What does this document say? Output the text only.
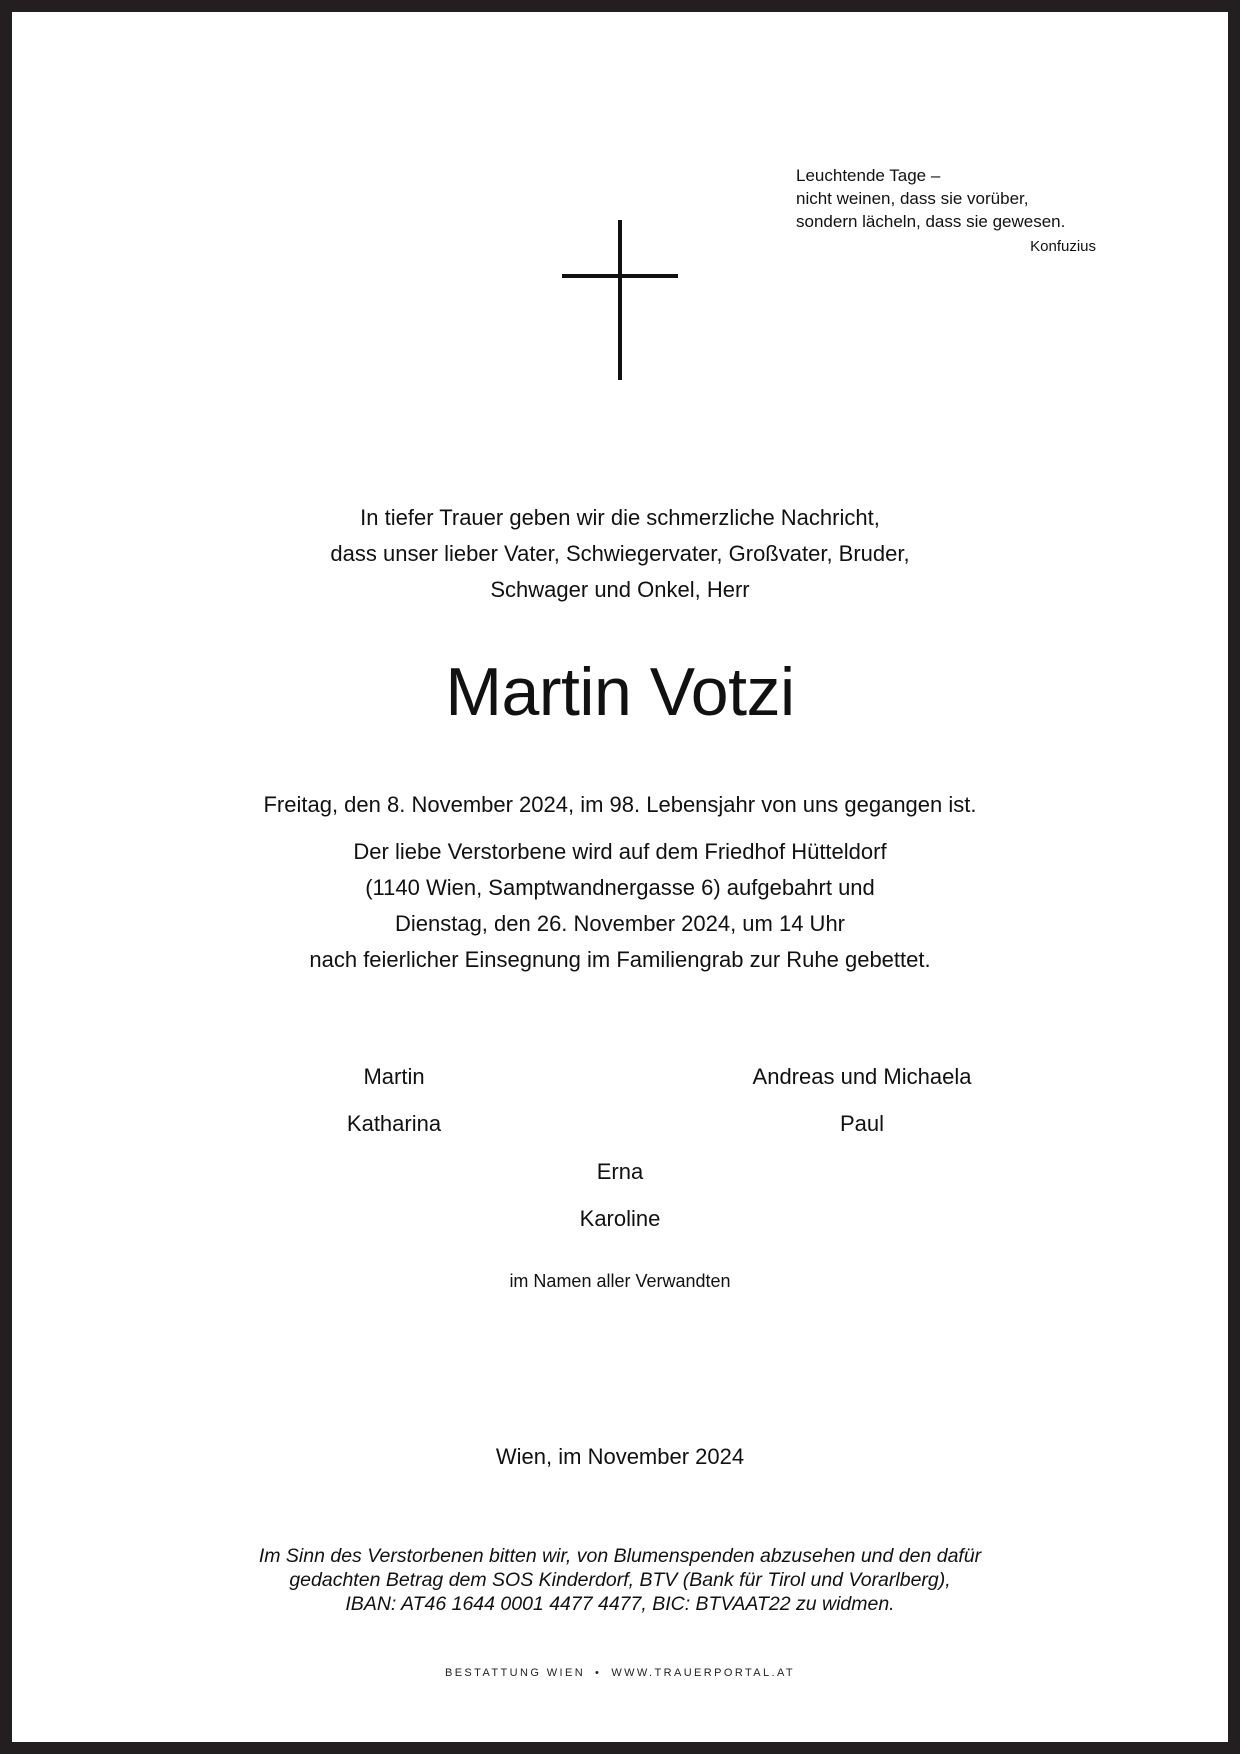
Leuchtende Tage –
nicht weinen, dass sie vorüber,
sondern lächeln, dass sie gewesen.
Konfuzius
In tiefer Trauer geben wir die schmerzliche Nachricht,
dass unser lieber Vater, Schwiegervater, Großvater, Bruder,
Schwager und Onkel, Herr
Martin Votzi
Freitag, den 8. November 2024, im 98. Lebensjahr von uns gegangen ist.
Der liebe Verstorbene wird auf dem Friedhof Hütteldorf
(1140 Wien, Samptwandnergasse 6) aufgebahrt und
Dienstag, den 26. November 2024, um 14 Uhr
nach feierlicher Einsegnung im Familiengrab zur Ruhe gebettet.
Martin	Andreas und Michaela
Katharina	Paul
Erna
Karoline
im Namen aller Verwandten
Wien, im November 2024
Im Sinn des Verstorbenen bitten wir, von Blumenspenden abzusehen und den dafür
gedachten Betrag dem SOS Kinderdorf, BTV (Bank für Tirol und Vorarlberg),
IBAN: AT46 1644 0001 4477 4477, BIC: BTVAAT22 zu widmen.
BESTATTUNG WIEN • WWW.TRAUERPORTAL.AT
